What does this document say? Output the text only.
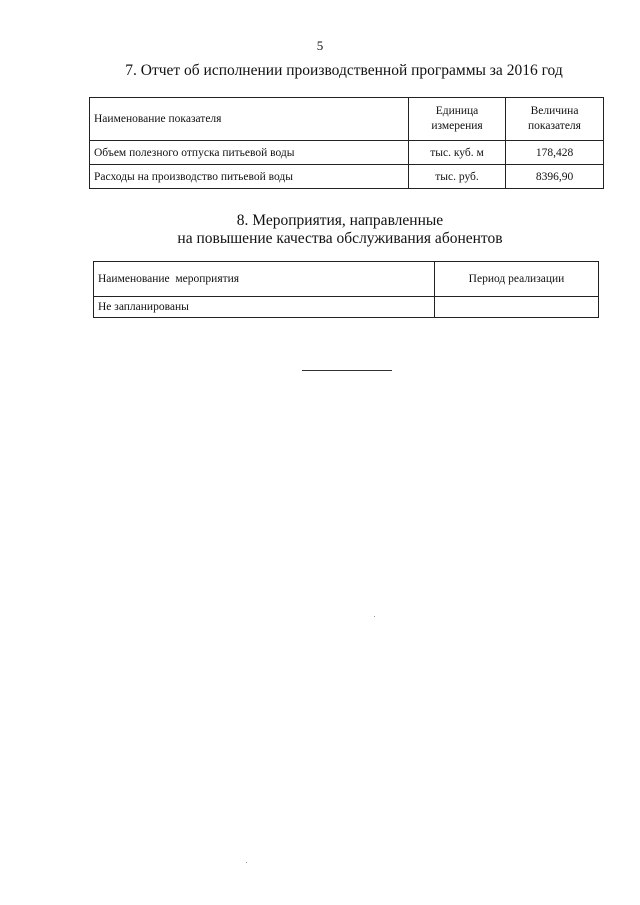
5
7. Отчет об исполнении производственной программы за 2016 год
Наименование показателя	Единица измерения	Величина показателя
Объем полезного отпуска питьевой воды	тыс. куб. м	178,428
Расходы на производство питьевой воды	тыс. руб.	8396,90
8. Мероприятия, направленные
на повышение качества обслуживания абонентов
Наименование  мероприятия	Период реализации
Не запланированы	
